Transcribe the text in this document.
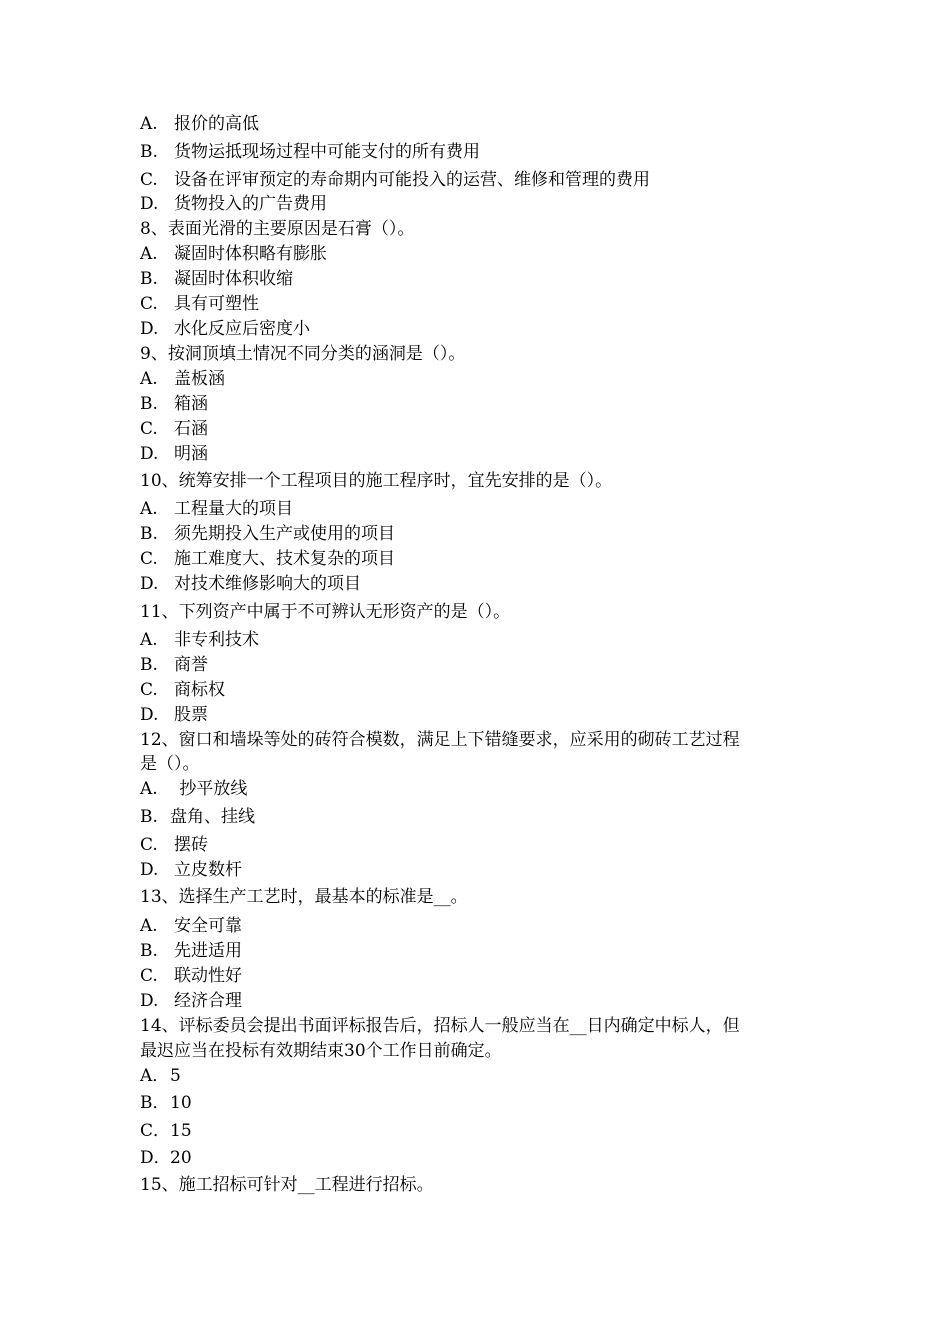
A. 报价的高低
B. 货物运抵现场过程中可能支付的所有费用
C. 设备在评审预定的寿命期内可能投入的运营、维修和管理的费用
D. 货物投入的广告费用
8、表面光滑的主要原因是石膏（）。
A. 凝固时体积略有膨胀
B. 凝固时体积收缩
C. 具有可塑性
D. 水化反应后密度小
9、按洞顶填土情况不同分类的涵洞是（）。
A. 盖板涵
B. 箱涵
C. 石涵
D. 明涵
10、统筹安排一个工程项目的施工程序时，宜先安排的是（）。
A. 工程量大的项目
B. 须先期投入生产或使用的项目
C. 施工难度大、技术复杂的项目
D. 对技术维修影响大的项目
11、下列资产中属于不可辨认无形资产的是（）。
A. 非专利技术
B. 商誉
C. 商标权
D. 股票
12、窗口和墙垛等处的砖符合模数，满足上下错缝要求，应采用的砌砖工艺过程
是（）。
A. 抄平放线
B. 盘角、挂线
C. 摆砖
D. 立皮数杆
13、选择生产工艺时，最基本的标准是__。
A. 安全可靠
B. 先进适用
C. 联动性好
D. 经济合理
14、评标委员会提出书面评标报告后，招标人一般应当在__日内确定中标人，但
最迟应当在投标有效期结束30个工作日前确定。
A．5
B．10
C．15
D．20
15、施工招标可针对__工程进行招标。
